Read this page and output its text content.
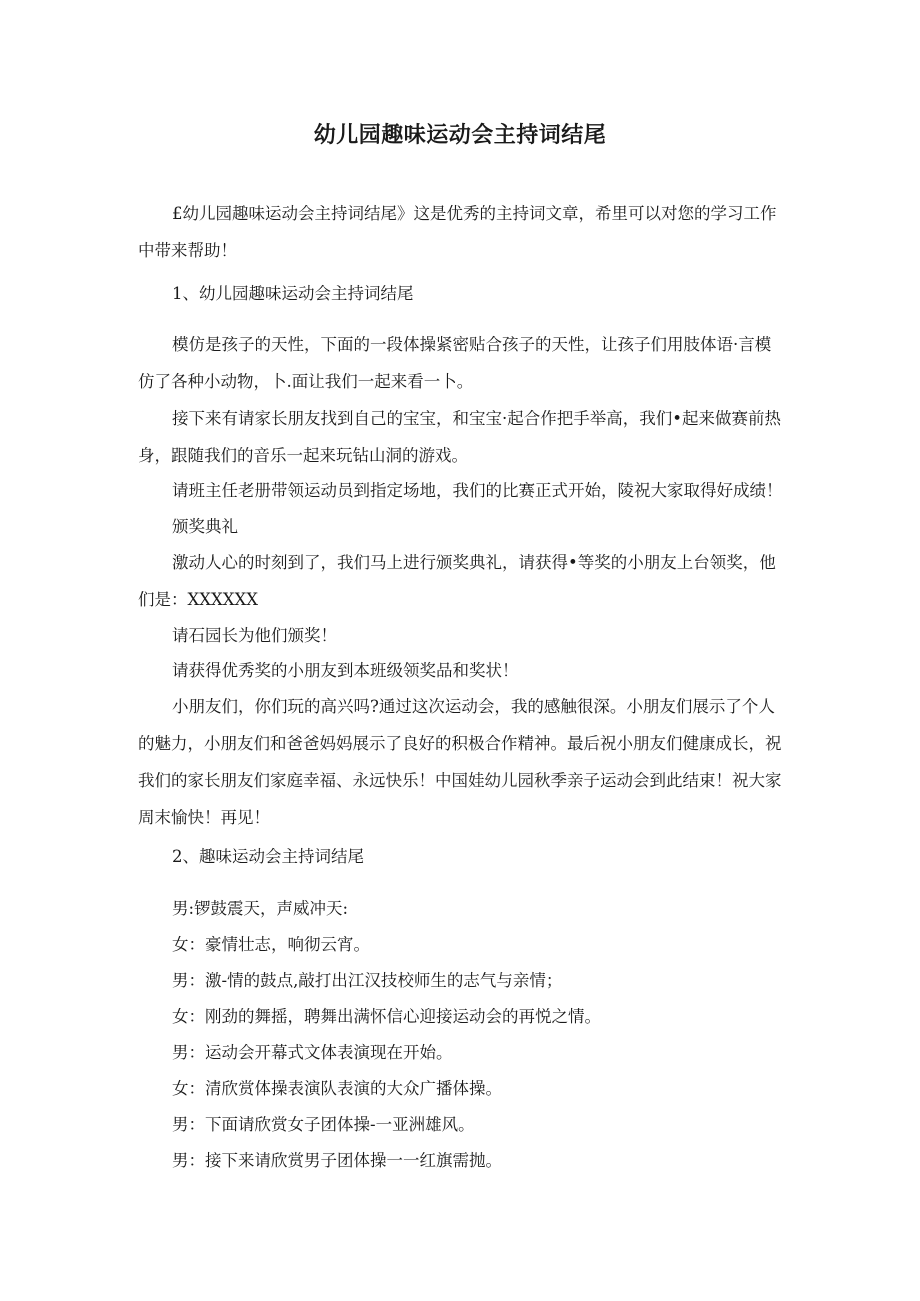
幼儿园趣味运动会主持词结尾
£幼儿园趣味运动会主持词结尾》这是优秀的主持词文章，希里可以对您的学习工作中带来帮助！
1、幼儿园趣味运动会主持词结尾
模仿是孩子的天性，下面的一段体操紧密贴合孩子的天性，让孩子们用肢体语·言模仿了各种小动物，卜.面让我们一起来看一卜。
接下来有请家长朋友找到自己的宝宝，和宝宝·起合作把手举高，我们•起来做赛前热身，跟随我们的音乐一起来玩钻山洞的游戏。
请班主任老册带领运动员到指定场地，我们的比赛正式开始，陵祝大家取得好成绩！
颁奖典礼
激动人心的时刻到了，我们马上进行颁奖典礼，请获得•等奖的小朋友上台领奖，他们是：XXXXXX
请石园长为他们颁奖！
请获得优秀奖的小朋友到本班级领奖品和奖状！
小朋友们，你们玩的高兴吗?通过这次运动会，我的感触很深。小朋友们展示了个人的魅力，小朋友们和爸爸妈妈展示了良好的积极合作精神。最后祝小朋友们健康成长，祝我们的家长朋友们家庭幸福、永远快乐！中国娃幼儿园秋季亲子运动会到此结束！祝大家周末愉快！再见！
2、趣味运动会主持词结尾
男:锣鼓震天，声威冲天:
女：豪情壮志，响彻云宵。
男：激-情的鼓点,敲打出江汉技校师生的志气与亲情；
女：刚劲的舞摇，聘舞出满怀信心迎接运动会的再悦之情。
男：运动会开幕式文体表演现在开始。
女：清欣赏体操表演队表演的大众广播体操。
男：下面请欣赏女子团体操-一亚洲雄风。
男：接下来请欣赏男子团体操一一红旗需抛。
